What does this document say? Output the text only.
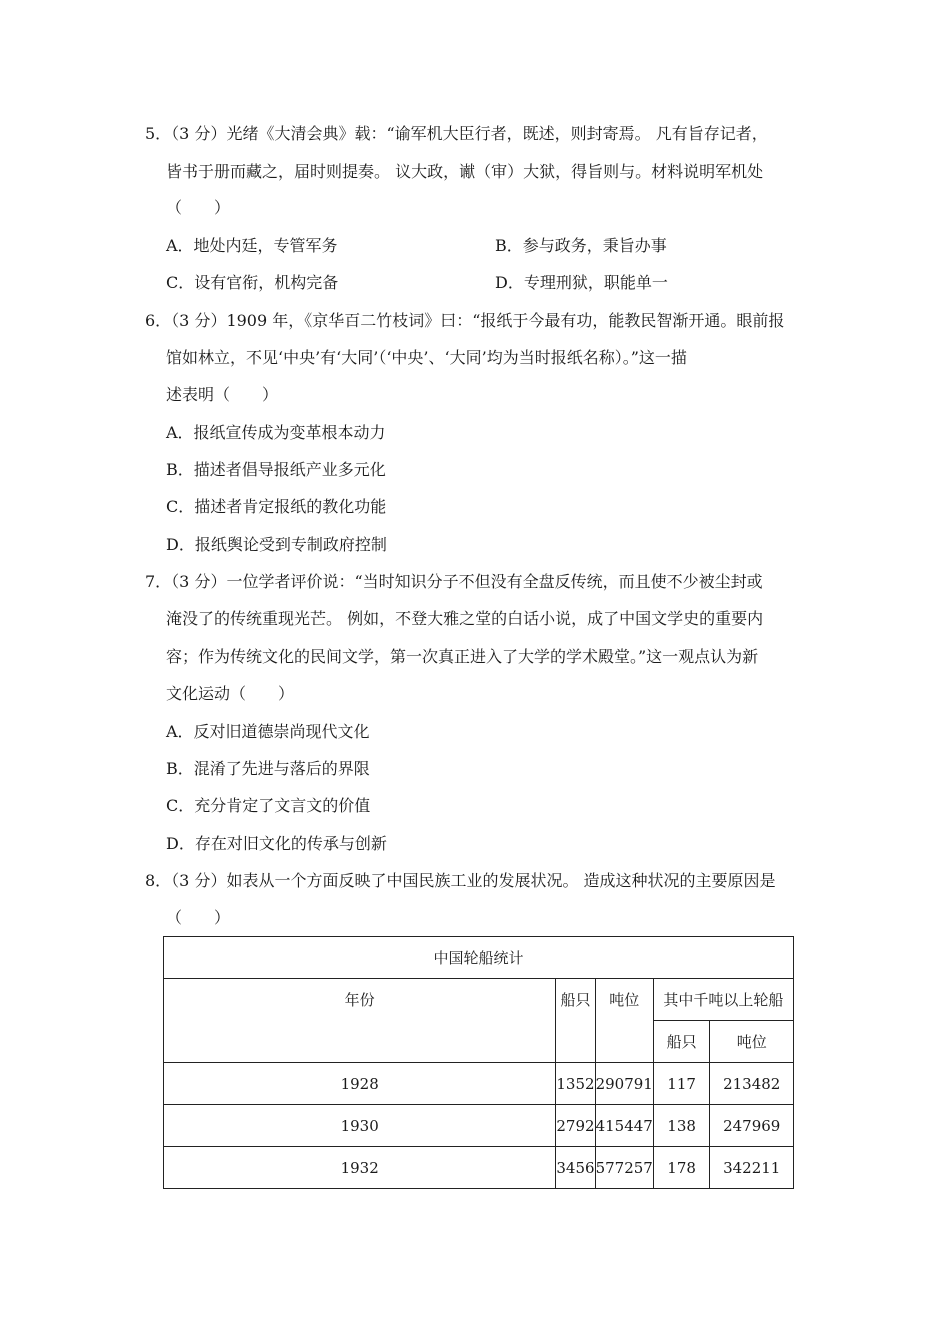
5．（3 分）光绪《大清会典》载：“谕军机大臣行者，既述，则封寄焉。 凡有旨存记者，
皆书于册而藏之，届时则提奏。 议大政，谳（审）大狱，得旨则与。材料说明军机处
（　　）
A．地处内廷，专管军务	B．参与政务，秉旨办事
C．设有官衔，机构完备	D．专理刑狱，职能单一
6．（3 分）1909 年，《京华百二竹枝词》曰：“报纸于今最有功，能教民智渐开通。眼前报
馆如林立，不见‘中央’有‘大同’（‘中央’、‘大同’均为当时报纸名称）。”这一描
述表明（　　）
A．报纸宣传成为变革根本动力
B．描述者倡导报纸产业多元化
C．描述者肯定报纸的教化功能
D．报纸舆论受到专制政府控制
7．（3 分）一位学者评价说：“当时知识分子不但没有全盘反传统，而且使不少被尘封或
淹没了的传统重现光芒。 例如，不登大雅之堂的白话小说，成了中国文学史的重要内
容；作为传统文化的民间文学，第一次真正进入了大学的学术殿堂。”这一观点认为新
文化运动（　　）
A．反对旧道德崇尚现代文化
B．混淆了先进与落后的界限
C．充分肯定了文言文的价值
D．存在对旧文化的传承与创新
8．（3 分）如表从一个方面反映了中国民族工业的发展状况。 造成这种状况的主要原因是
（　　）
中国轮船统计				
年份	船只	吨位	其中千吨以上轮船	
			船只	吨位
1928	1352	290791	117	213482
1930	2792	415447	138	247969
1932	3456	577257	178	342211
